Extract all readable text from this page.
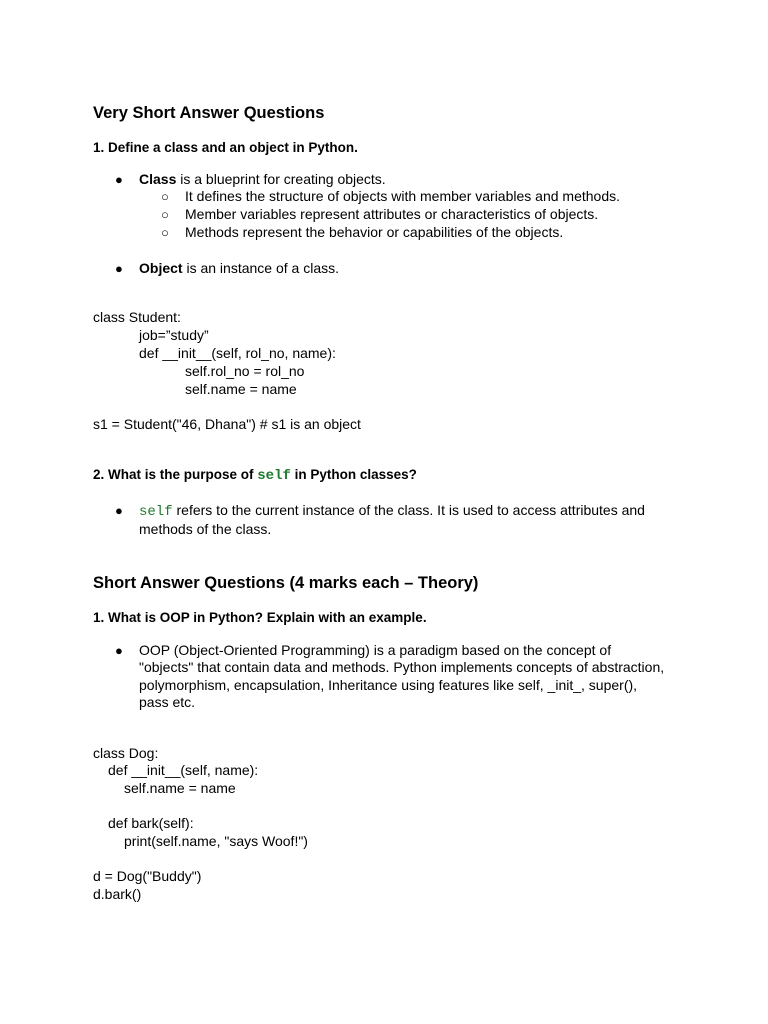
Very Short Answer Questions
1. Define a class and an object in Python.
● Class is a blueprint for creating objects.
○ It defines the structure of objects with member variables and methods.
○ Member variables represent attributes or characteristics of objects.
○ Methods represent the behavior or capabilities of the objects.
● Object is an instance of a class.
class Student:
job=”study”
def __init__(self, rol_no, name):
self.rol_no = rol_no
self.name = name
s1 = Student("46, Dhana") # s1 is an object
2. What is the purpose of self in Python classes?
● self refers to the current instance of the class. It is used to access attributes and
methods of the class.
Short Answer Questions (4 marks each – Theory)
1. What is OOP in Python? Explain with an example.
● OOP (Object-Oriented Programming) is a paradigm based on the concept of
"objects" that contain data and methods. Python implements concepts of abstraction,
polymorphism, encapsulation, Inheritance using features like self, _init_, super(),
pass etc.
class Dog:
def __init__(self, name):
self.name = name
def bark(self):
print(self.name, "says Woof!")
d = Dog("Buddy")
d.bark()
